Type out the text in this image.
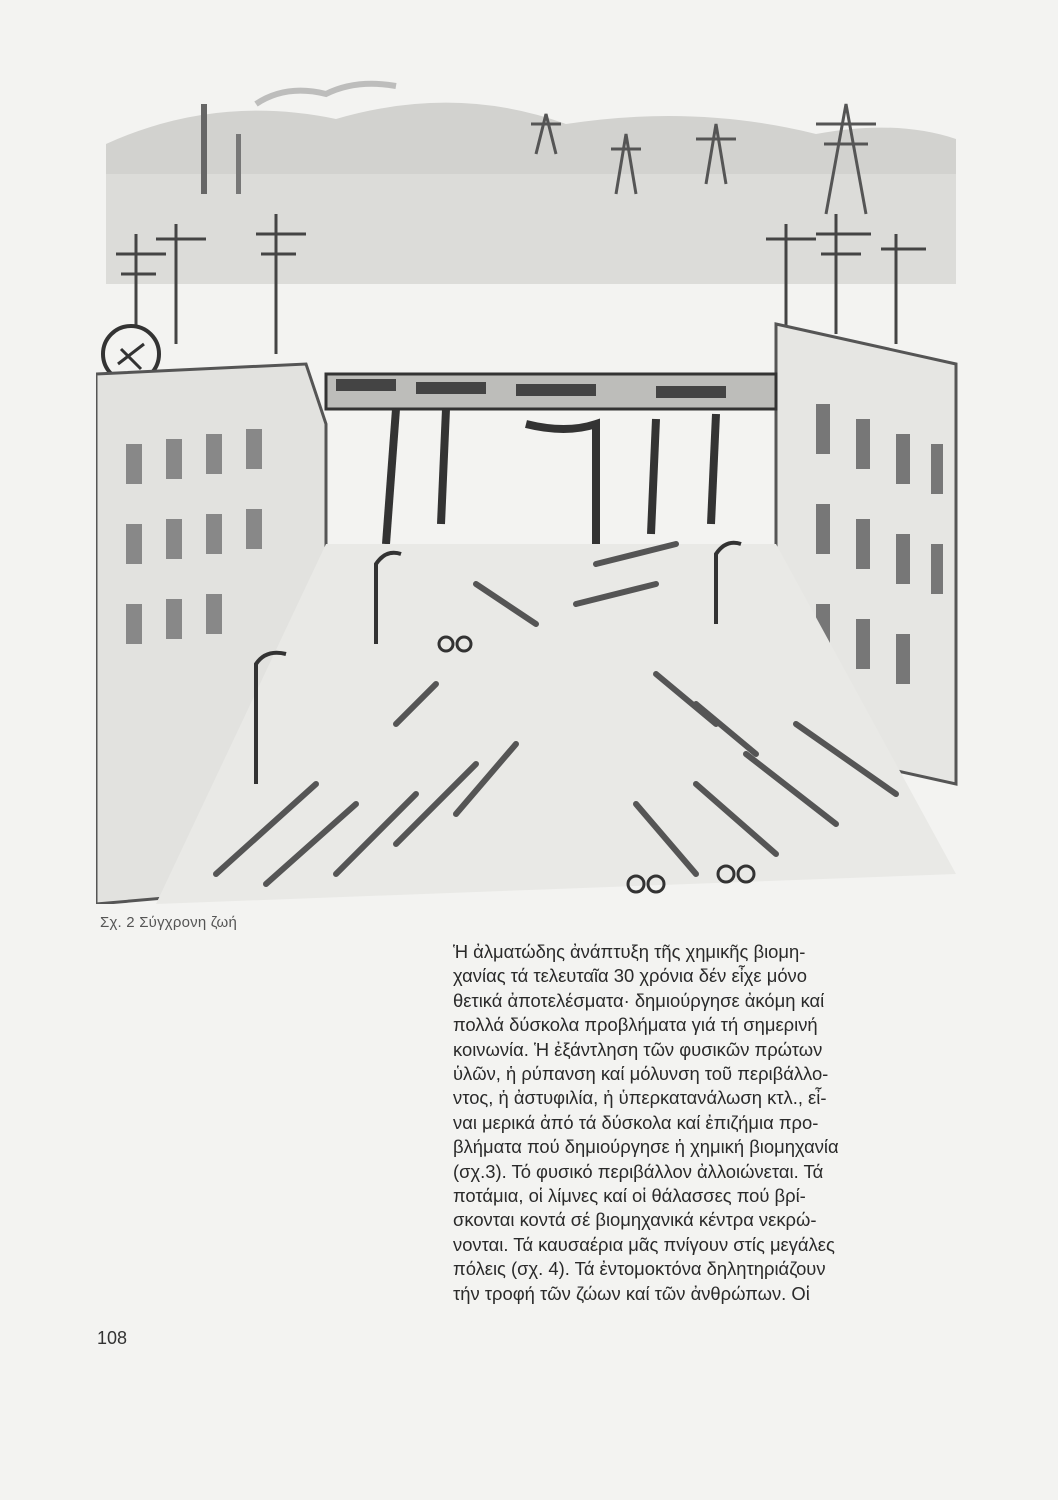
Σχ. 2 Σύγχρονη ζωή

Ἡ ἀλματώδης ἀνάπτυξη τῆς χημικῆς βιομη-
χανίας τά τελευταῖα 30 χρόνια δέν εἶχε μόνο
θετικά ἀποτελέσματα· δημιούργησε ἀκόμη καί
πολλά δύσκολα προβλήματα γιά τή σημερινή
κοινωνία. Ἡ ἐξάντληση τῶν φυσικῶν πρώτων
ὑλῶν, ἡ ρύπανση καί μόλυνση τοῦ περιβάλλο-
ντος, ἡ ἀστυφιλία, ἡ ὑπερκατανάλωση κτλ., εἶ-
ναι μερικά ἀπό τά δύσκολα καί ἐπιζήμια προ-
βλήματα πού δημιούργησε ἡ χημική βιομηχανία
(σχ.3). Τό φυσικό περιβάλλον ἀλλοιώνεται. Τά
ποτάμια, οἱ λίμνες καί οἱ θάλασσες πού βρί-
σκονται κοντά σέ βιομηχανικά κέντρα νεκρώ-
νονται. Τά καυσαέρια μᾶς πνίγουν στίς μεγάλες
πόλεις (σχ. 4). Τά ἐντομοκτόνα δηλητηριάζουν
τήν τροφή τῶν ζώων καί τῶν ἀνθρώπων. Οἱ

108
